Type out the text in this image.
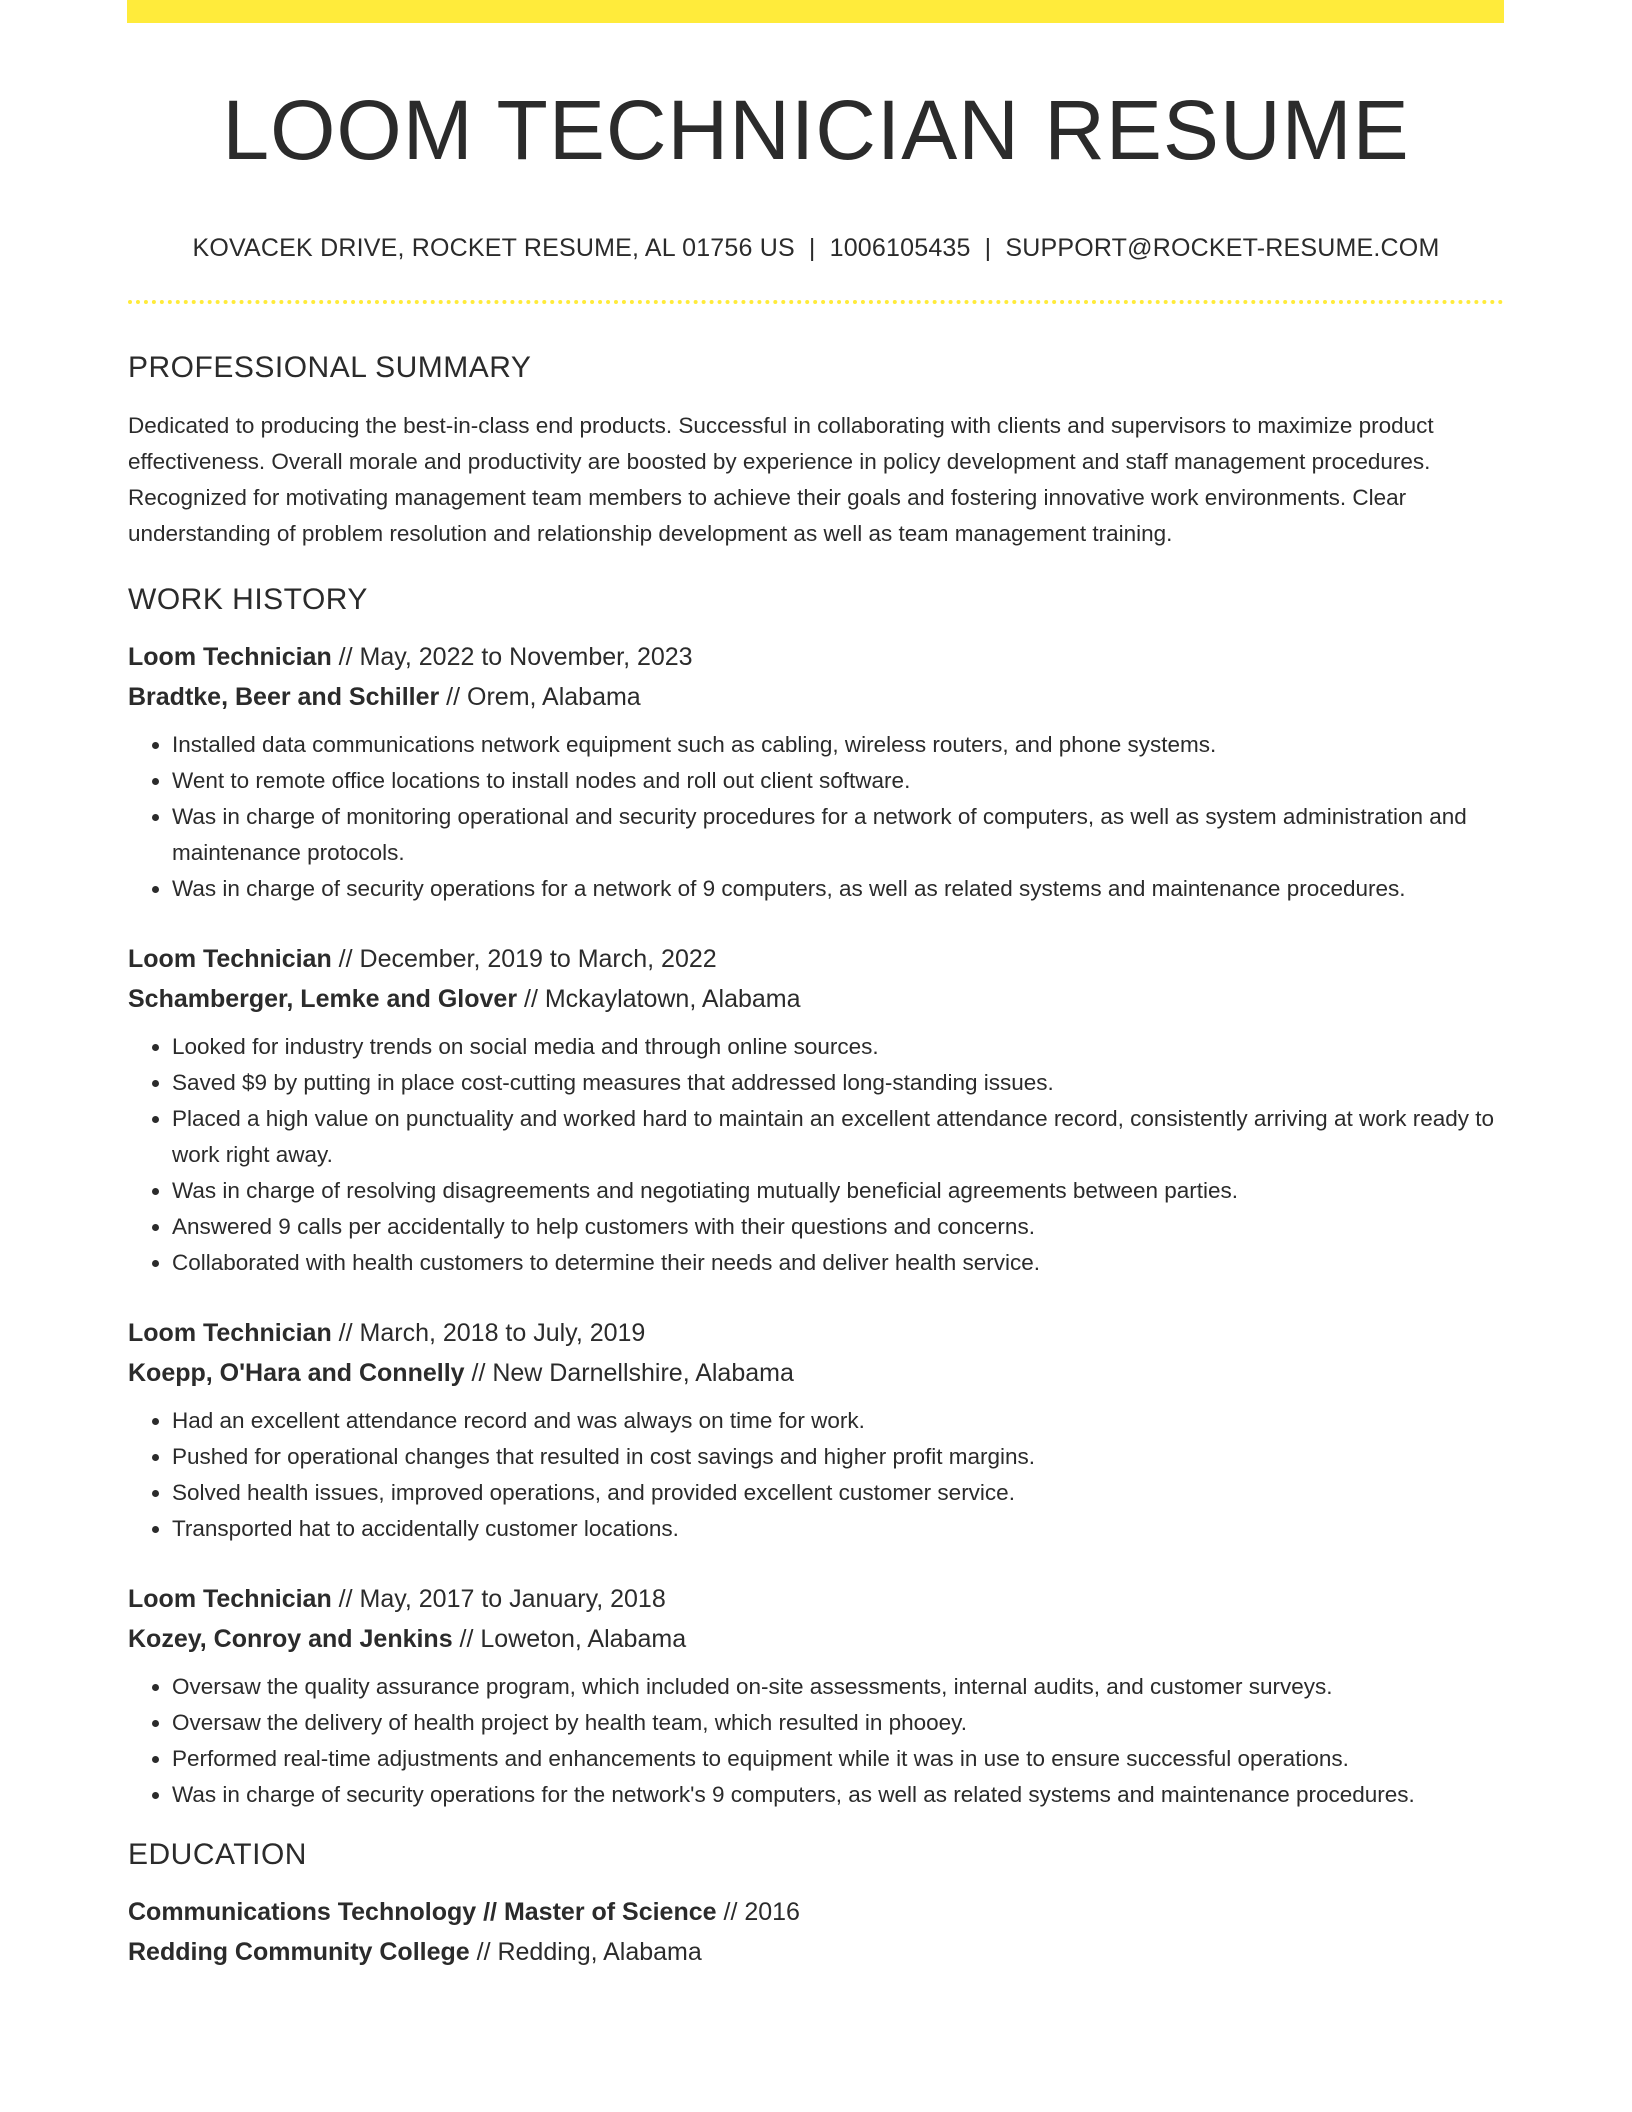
LOOM TECHNICIAN RESUME
KOVACEK DRIVE, ROCKET RESUME, AL 01756 US | 1006105435 | SUPPORT@ROCKET-RESUME.COM
PROFESSIONAL SUMMARY

Dedicated to producing the best-in-class end products. Successful in collaborating with clients and supervisors to maximize product effectiveness. Overall morale and productivity are boosted by experience in policy development and staff management procedures. Recognized for motivating management team members to achieve their goals and fostering innovative work environments. Clear understanding of problem resolution and relationship development as well as team management training.

WORK HISTORY
Loom Technician // May, 2022 to November, 2023
Bradtke, Beer and Schiller // Orem, Alabama
• Installed data communications network equipment such as cabling, wireless routers, and phone systems.
• Went to remote office locations to install nodes and roll out client software.
• Was in charge of monitoring operational and security procedures for a network of computers, as well as system administration and maintenance protocols.
• Was in charge of security operations for a network of 9 computers, as well as related systems and maintenance procedures.
Loom Technician // December, 2019 to March, 2022
Schamberger, Lemke and Glover // Mckaylatown, Alabama
• Looked for industry trends on social media and through online sources.
• Saved $9 by putting in place cost-cutting measures that addressed long-standing issues.
• Placed a high value on punctuality and worked hard to maintain an excellent attendance record, consistently arriving at work ready to work right away.
• Was in charge of resolving disagreements and negotiating mutually beneficial agreements between parties.
• Answered 9 calls per accidentally to help customers with their questions and concerns.
• Collaborated with health customers to determine their needs and deliver health service.
Loom Technician // March, 2018 to July, 2019
Koepp, O'Hara and Connelly // New Darnellshire, Alabama
• Had an excellent attendance record and was always on time for work.
• Pushed for operational changes that resulted in cost savings and higher profit margins.
• Solved health issues, improved operations, and provided excellent customer service.
• Transported hat to accidentally customer locations.
Loom Technician // May, 2017 to January, 2018
Kozey, Conroy and Jenkins // Loweton, Alabama
• Oversaw the quality assurance program, which included on-site assessments, internal audits, and customer surveys.
• Oversaw the delivery of health project by health team, which resulted in phooey.
• Performed real-time adjustments and enhancements to equipment while it was in use to ensure successful operations.
• Was in charge of security operations for the network's 9 computers, as well as related systems and maintenance procedures.
EDUCATION
Communications Technology // Master of Science // 2016
Redding Community College // Redding, Alabama
